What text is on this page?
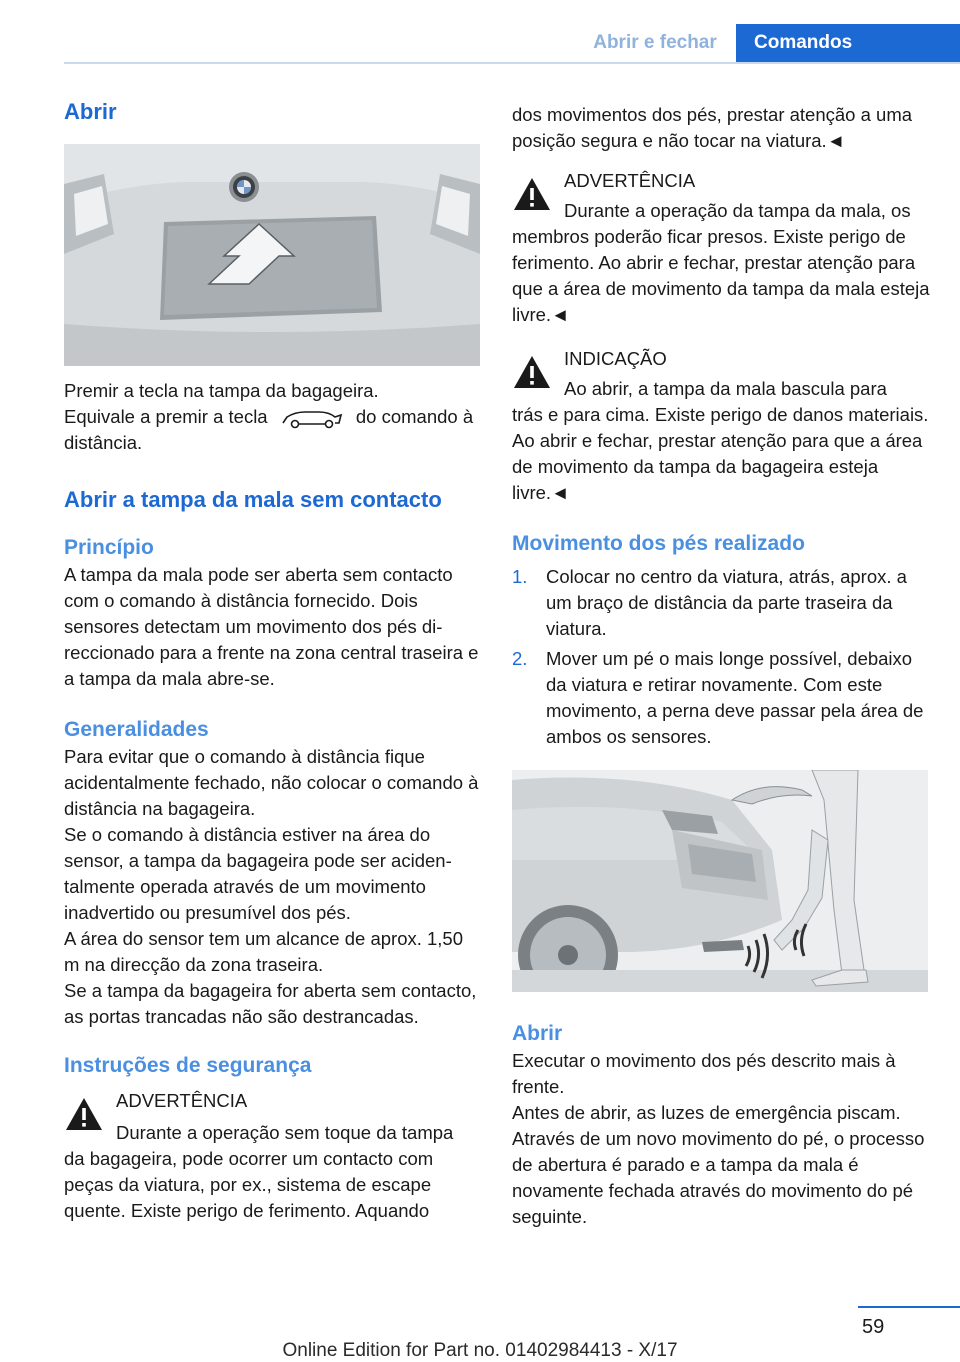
Abrir e fechar	Comandos
Abrir

Premir a tecla na tampa da bagageira.

Equivale a premir a tecla	do comando à
distância.

Abrir a tampa da mala sem contacto
Princípio

A tampa da mala pode ser aberta sem contacto com o comando à distância fornecido. Dois sensores detectam um movimento dos pés direccionado para a frente na zona central traseira e a tampa da mala abre-se.

Generalidades

Para evitar que o comando à distância fique acidentalmente fechado, não colocar o comando à distância na bagageira.

Se o comando à distância estiver na área do sensor, a tampa da bagageira pode ser acidentalmente operada através de um movimento inadvertido ou presumível dos pés.

A área do sensor tem um alcance de aprox. 1,50 m na direcção da zona traseira.

Se a tampa da bagageira for aberta sem contacto, as portas trancadas não são destrancadas.

Instruções de segurança
ADVERTÊNCIA
Durante a operação sem toque da tampa
da bagageira, pode ocorrer um contacto com peças da viatura, por ex., sistema de escape quente. Existe perigo de ferimento. Aquando

dos movimentos dos pés, prestar atenção a uma posição segura e não tocar na viatura.◄

ADVERTÊNCIA
Durante a operação da tampa da mala, os
membros poderão ficar presos. Existe perigo de ferimento. Ao abrir e fechar, prestar atenção para que a área de movimento da tampa da mala esteja livre.◄
INDICAÇÃO
Ao abrir, a tampa da mala bascula para
trás e para cima. Existe perigo de danos materiais. Ao abrir e fechar, prestar atenção para que a área de movimento da tampa da bagageira esteja livre.◄
Movimento dos pés realizado
1. Colocar no centro da viatura, atrás, aprox. a um braço de distância da parte traseira da viatura.
2. Mover um pé o mais longe possível, debaixo da viatura e retirar novamente. Com este movimento, a perna deve passar pela área de ambos os sensores.
Abrir

Executar o movimento dos pés descrito mais à frente.

Antes de abrir, as luzes de emergência piscam.

Através de um novo movimento do pé, o processo de abertura é parado e a tampa da mala é novamente fechada através do movimento do pé seguinte.

59
Online Edition for Part no. 01402984413 - X/17
